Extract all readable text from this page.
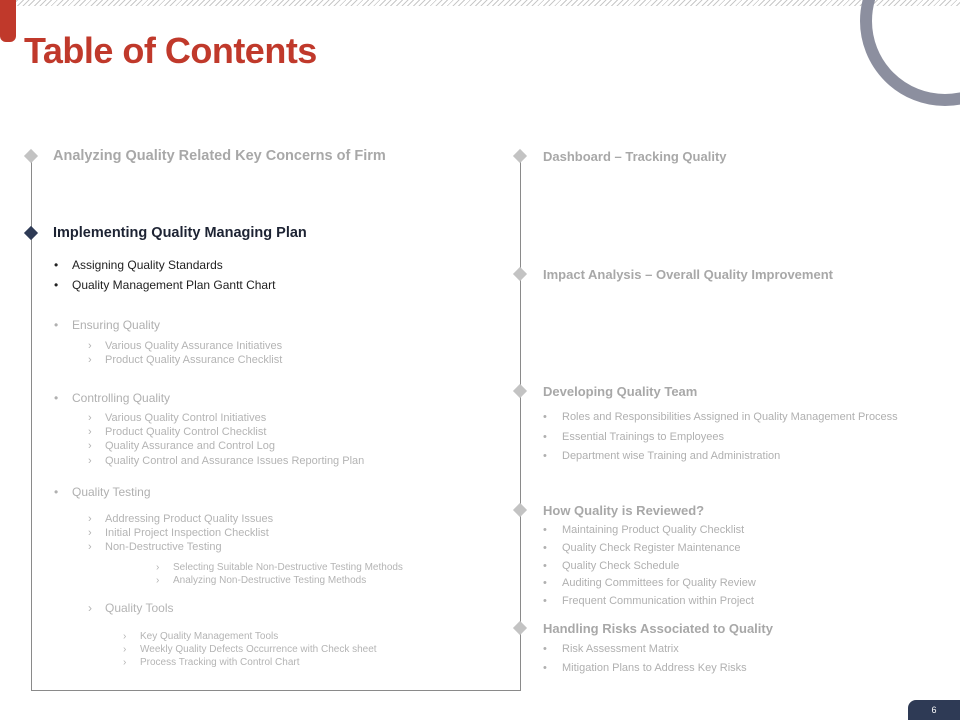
Table of Contents
Analyzing Quality Related Key Concerns of Firm
Implementing Quality Managing Plan
• Assigning Quality Standards
• Quality Management Plan Gantt Chart
• Ensuring Quality
› Various Quality Assurance Initiatives
› Product Quality Assurance Checklist
• Controlling Quality
› Various Quality Control Initiatives
› Product Quality Control Checklist
› Quality Assurance and Control Log
› Quality Control and Assurance Issues Reporting Plan
• Quality Testing
› Addressing Product Quality Issues
› Initial Project Inspection Checklist
› Non-Destructive Testing
› Selecting Suitable Non-Destructive Testing Methods
› Analyzing Non-Destructive Testing Methods
› Quality Tools
› Key Quality Management Tools
› Weekly Quality Defects Occurrence with Check sheet
› Process Tracking with Control Chart
Dashboard – Tracking Quality
Impact Analysis – Overall Quality Improvement
Developing Quality Team
• Roles and Responsibilities Assigned in Quality Management Process
• Essential Trainings to Employees
• Department wise Training and Administration
How Quality is Reviewed?
• Maintaining Product Quality Checklist
• Quality Check Register Maintenance
• Quality Check Schedule
• Auditing Committees for Quality Review
• Frequent Communication within Project
Handling Risks Associated to Quality
• Risk Assessment Matrix
• Mitigation Plans to Address Key Risks
6
